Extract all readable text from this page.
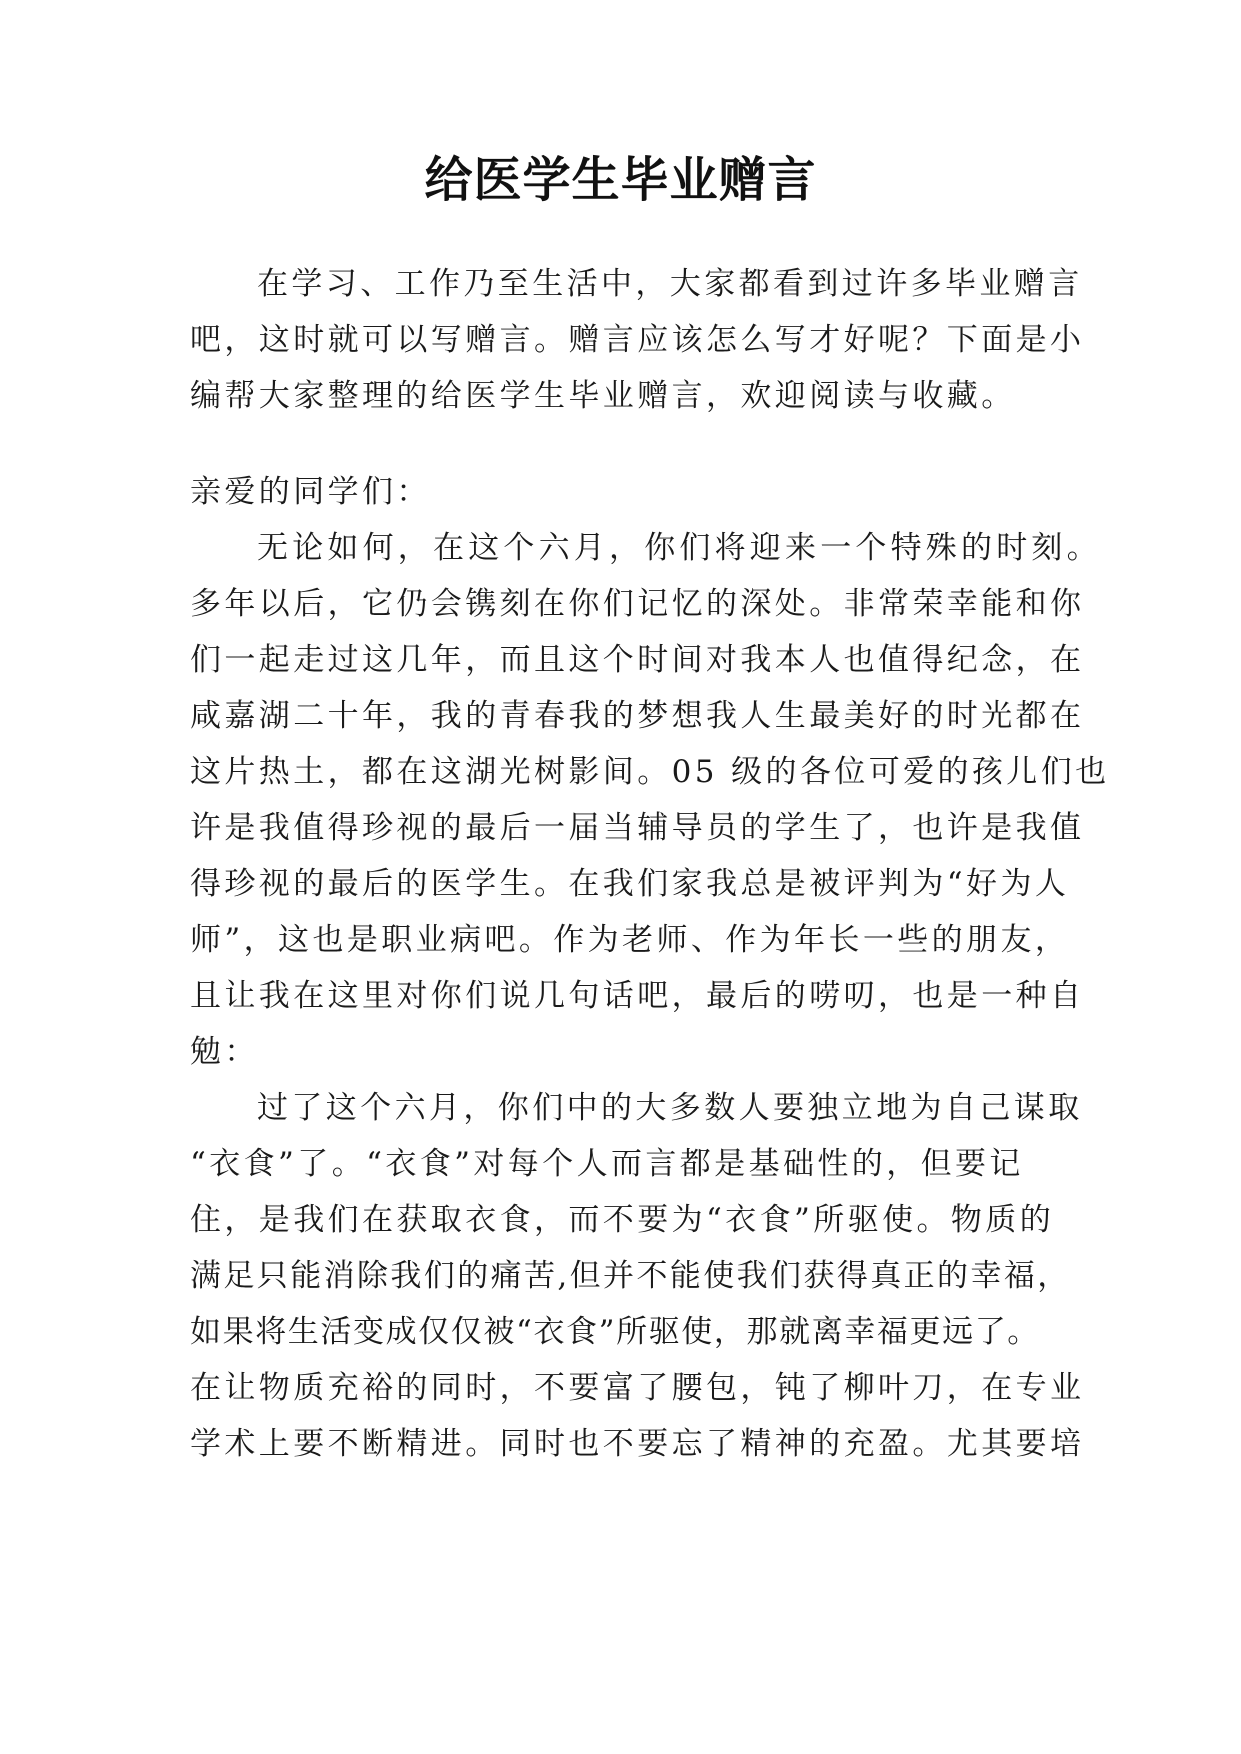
给医学生毕业赠言
在学习、工作乃至生活中，大家都看到过许多毕业赠言
吧，这时就可以写赠言。赠言应该怎么写才好呢？下面是小
编帮大家整理的给医学生毕业赠言，欢迎阅读与收藏。
亲爱的同学们：
无论如何，在这个六月，你们将迎来一个特殊的时刻。
多年以后，它仍会镌刻在你们记忆的深处。非常荣幸能和你
们一起走过这几年，而且这个时间对我本人也值得纪念，在
咸嘉湖二十年，我的青春我的梦想我人生最美好的时光都在
这片热土，都在这湖光树影间。05 级的各位可爱的孩儿们也
许是我值得珍视的最后一届当辅导员的学生了，也许是我值
得珍视的最后的医学生。在我们家我总是被评判为“好为人
师”，这也是职业病吧。作为老师、作为年长一些的朋友，
且让我在这里对你们说几句话吧，最后的唠叨，也是一种自
勉：
过了这个六月，你们中的大多数人要独立地为自己谋取
“衣食”了。“衣食”对每个人而言都是基础性的，但要记
住，是我们在获取衣食，而不要为“衣食”所驱使。物质的
满足只能消除我们的痛苦,但并不能使我们获得真正的幸福，
如果将生活变成仅仅被“衣食”所驱使，那就离幸福更远了。
在让物质充裕的同时，不要富了腰包，钝了柳叶刀，在专业
学术上要不断精进。同时也不要忘了精神的充盈。尤其要培
